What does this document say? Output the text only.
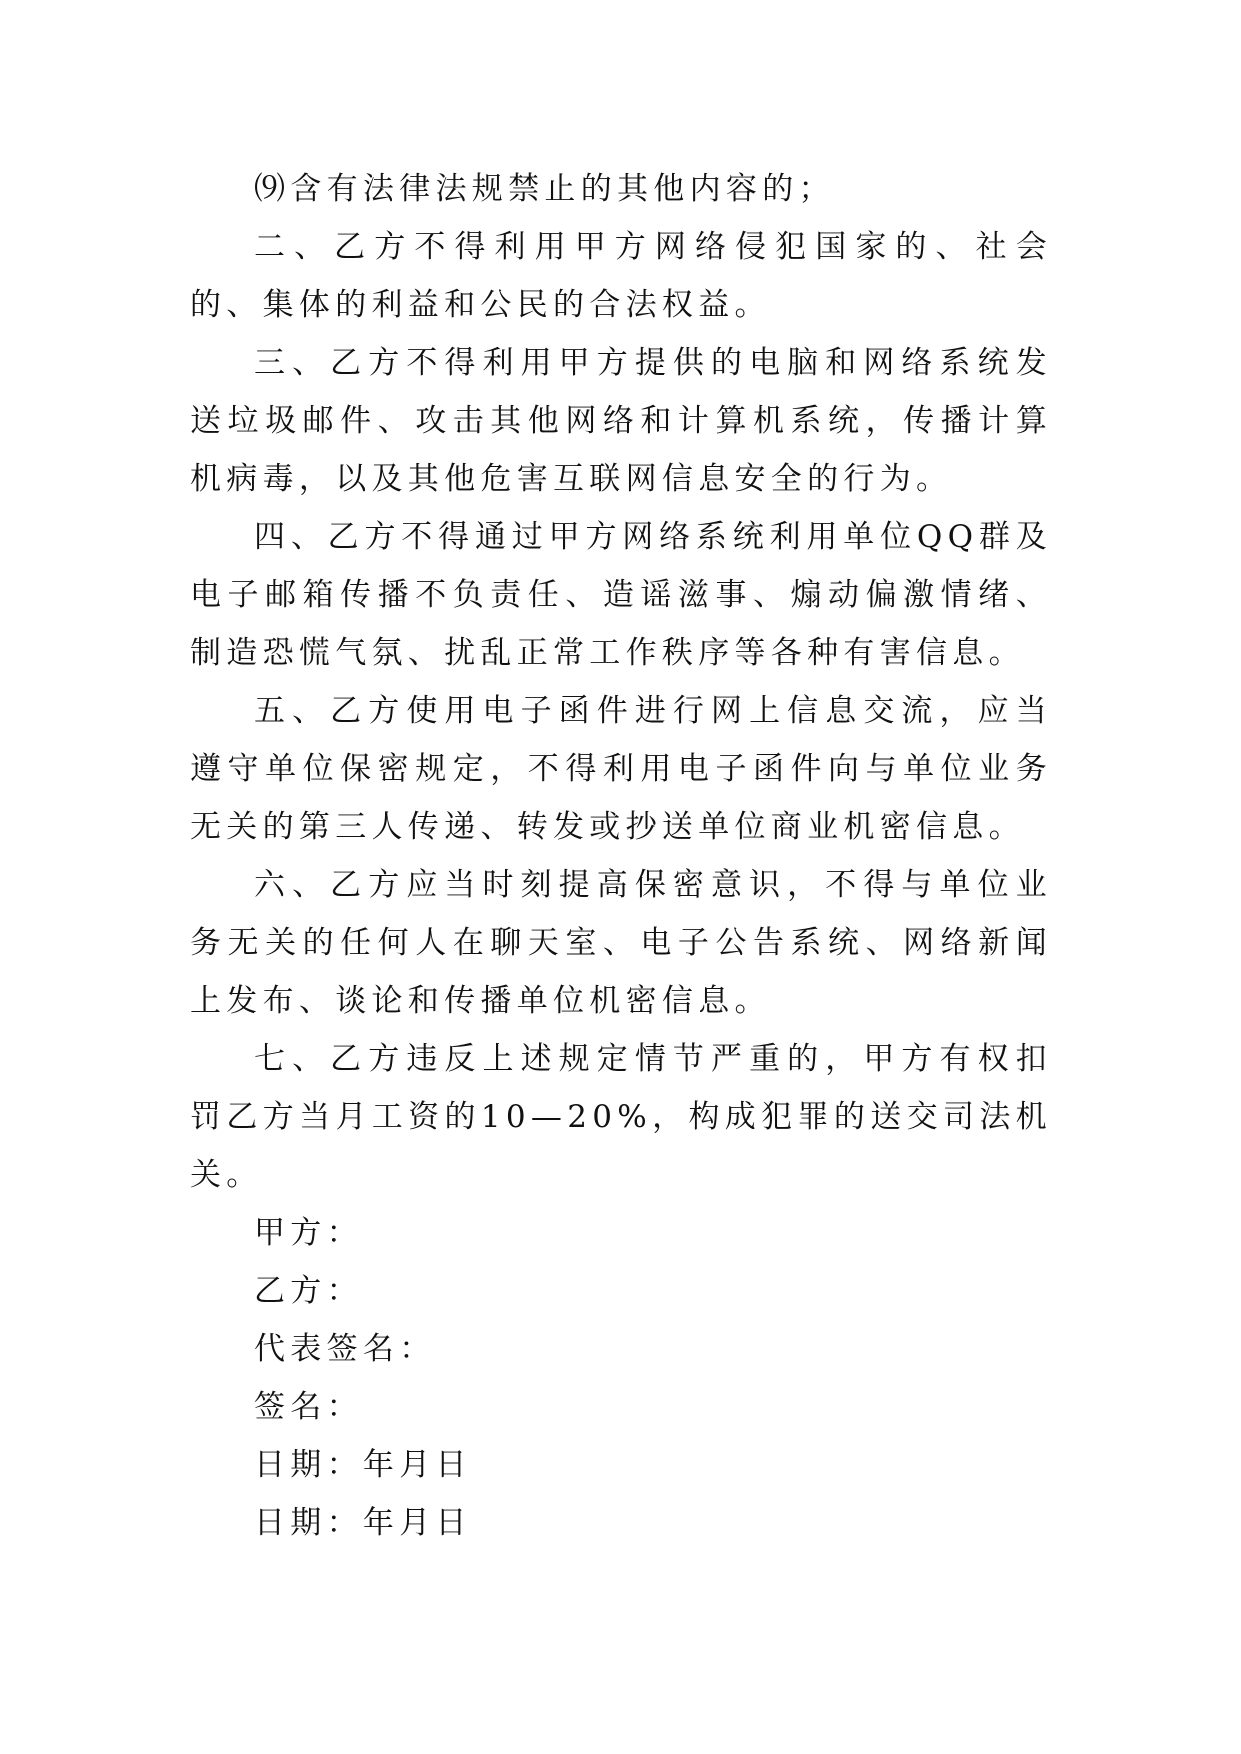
⑼含有法律法规禁止的其他内容的；

二、乙方不得利用甲方网络侵犯国家的、社会的、集体的利益和公民的合法权益。

三、乙方不得利用甲方提供的电脑和网络系统发送垃圾邮件、攻击其他网络和计算机系统，传播计算机病毒，以及其他危害互联网信息安全的行为。

四、乙方不得通过甲方网络系统利用单位QQ群及电子邮箱传播不负责任、造谣滋事、煽动偏激情绪、制造恐慌气氛、扰乱正常工作秩序等各种有害信息。

五、乙方使用电子函件进行网上信息交流，应当遵守单位保密规定，不得利用电子函件向与单位业务无关的第三人传递、转发或抄送单位商业机密信息。

六、乙方应当时刻提高保密意识，不得与单位业务无关的任何人在聊天室、电子公告系统、网络新闻上发布、谈论和传播单位机密信息。

七、乙方违反上述规定情节严重的，甲方有权扣罚乙方当月工资的10—20%，构成犯罪的送交司法机关。

甲方：

乙方：

代表签名：

签名：

日期：年月日

日期：年月日
